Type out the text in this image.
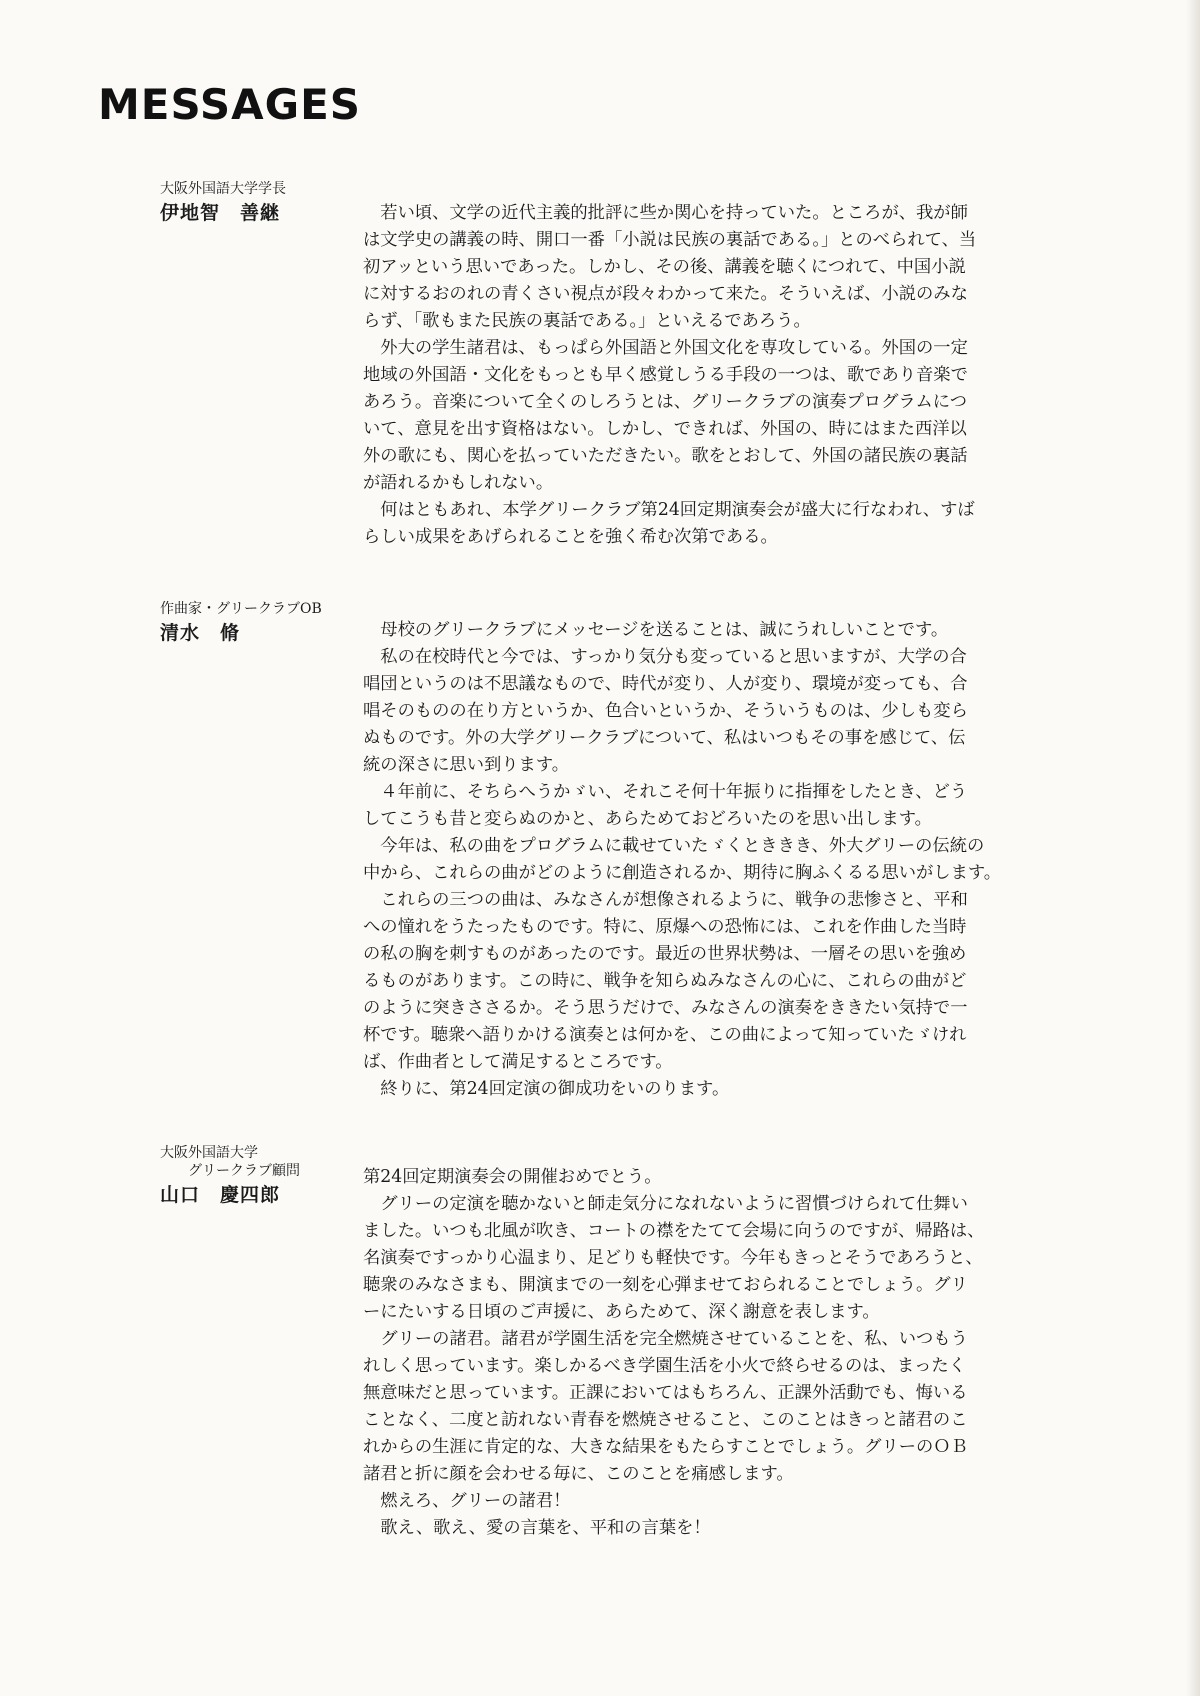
MESSAGES
大阪外国語大学学長
伊地智　善継	　若い頃、文学の近代主義的批評に些か関心を持っていた。ところが、我が師
は文学史の講義の時、開口一番「小説は民族の裏話である。」とのべられて、当
初アッという思いであった。しかし、その後、講義を聴くにつれて、中国小説
に対するおのれの青くさい視点が段々わかって来た。そういえば、小説のみな
らず、「歌もまた民族の裏話である。」といえるであろう。
　外大の学生諸君は、もっぱら外国語と外国文化を専攻している。外国の一定
地域の外国語・文化をもっとも早く感覚しうる手段の一つは、歌であり音楽で
あろう。音楽について全くのしろうとは、グリークラブの演奏プログラムにつ
いて、意見を出す資格はない。しかし、できれば、外国の、時にはまた西洋以
外の歌にも、関心を払っていただきたい。歌をとおして、外国の諸民族の裏話
が語れるかもしれない。
　何はともあれ、本学グリークラブ第24回定期演奏会が盛大に行なわれ、すば
らしい成果をあげられることを強く希む次第である。
作曲家・グリークラブOB
清水　脩	　母校のグリークラブにメッセージを送ることは、誠にうれしいことです。
　私の在校時代と今では、すっかり気分も変っていると思いますが、大学の合
唱団というのは不思議なもので、時代が変り、人が変り、環境が変っても、合
唱そのものの在り方というか、色合いというか、そういうものは、少しも変ら
ぬものです。外の大学グリークラブについて、私はいつもその事を感じて、伝
統の深さに思い到ります。
　４年前に、そちらへうかゞい、それこそ何十年振りに指揮をしたとき、どう
してこうも昔と変らぬのかと、あらためておどろいたのを思い出します。
　今年は、私の曲をプログラムに載せていたゞくとききき、外大グリーの伝統の
中から、これらの曲がどのように創造されるか、期待に胸ふくるる思いがします。
　これらの三つの曲は、みなさんが想像されるように、戦争の悲惨さと、平和
への憧れをうたったものです。特に、原爆への恐怖には、これを作曲した当時
の私の胸を刺すものがあったのです。最近の世界状勢は、一層その思いを強め
るものがあります。この時に、戦争を知らぬみなさんの心に、これらの曲がど
のように突きささるか。そう思うだけで、みなさんの演奏をききたい気持で一
杯です。聴衆へ語りかける演奏とは何かを、この曲によって知っていたゞけれ
ば、作曲者として満足するところです。
　終りに、第24回定演の御成功をいのります。
大阪外国語大学
　　グリークラブ顧問
山口　慶四郎
第24回定期演奏会の開催おめでとう。
　グリーの定演を聴かないと師走気分になれないように習慣づけられて仕舞い
ました。いつも北風が吹き、コートの襟をたてて会場に向うのですが、帰路は、
名演奏ですっかり心温まり、足どりも軽快です。今年もきっとそうであろうと、
聴衆のみなさまも、開演までの一刻を心弾ませておられることでしょう。グリ
ーにたいする日頃のご声援に、あらためて、深く謝意を表します。
　グリーの諸君。諸君が学園生活を完全燃焼させていることを、私、いつもう
れしく思っています。楽しかるべき学園生活を小火で終らせるのは、まったく
無意味だと思っています。正課においてはもちろん、正課外活動でも、悔いる
ことなく、二度と訪れない青春を燃焼させること、このことはきっと諸君のこ
れからの生涯に肯定的な、大きな結果をもたらすことでしょう。グリーのＯＢ
諸君と折に顔を会わせる毎に、このことを痛感します。
　燃えろ、グリーの諸君！
　歌え、歌え、愛の言葉を、平和の言葉を！
